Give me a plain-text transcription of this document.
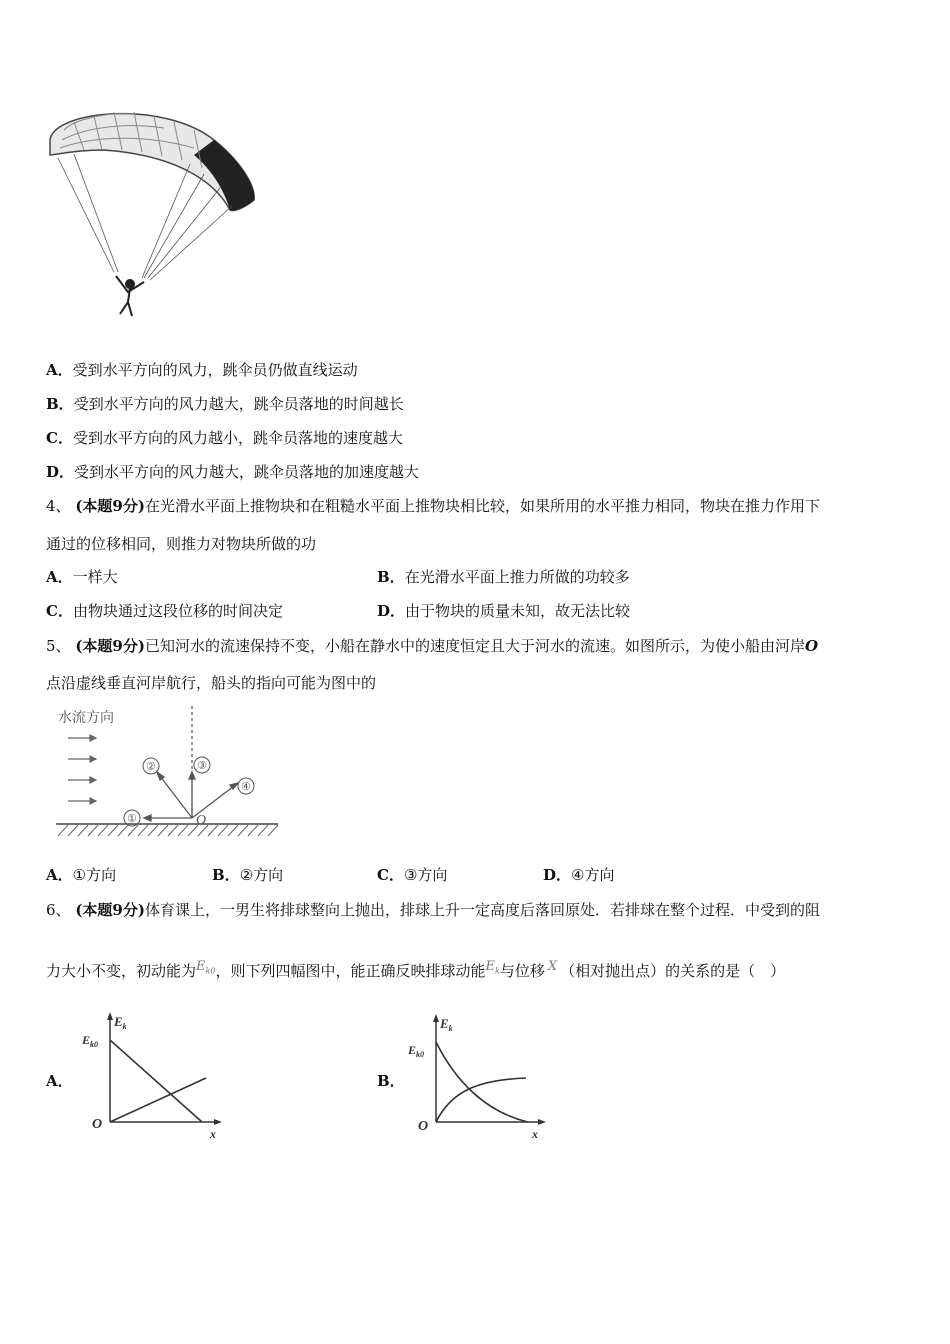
A．受到水平方向的风力，跳伞员仍做直线运动
B．受到水平方向的风力越大，跳伞员落地的时间越长
C．受到水平方向的风力越小，跳伞员落地的速度越大
D．受到水平方向的风力越大，跳伞员落地的加速度越大
4、 (本题9分)在光滑水平面上推物块和在粗糙水平面上推物块相比较，如果所用的水平推力相同，物块在推力作用下
通过的位移相同，则推力对物块所做的功
A．一样大	B．在光滑水平面上推力所做的功较多
C．由物块通过这段位移的时间决定	D．由于物块的质量未知，故无法比较
5、 (本题9分)已知河水的流速保持不变，小船在静水中的速度恒定且大于河水的流速。如图所示，为使小船由河岸O
点沿虚线垂直河岸航行，船头的指向可能为图中的
水流方向
①
②	③
④
O
A．①方向	B．②方向	C．③方向	D．④方向
6、 (本题9分)体育课上，一男生将排球整向上抛出，排球上升一定高度后落回原处．若排球在整个过程．中受到的阻
力大小不变，初动能为$E_{k0}$，则下列四幅图中，能正确反映排球动能$E_k$与位移 X （相对抛出点）的关系的是（　）
A．
$E_k$
$E_{k0}$
O
x
B．
$E_k$
$E_{k0}$
O	x
